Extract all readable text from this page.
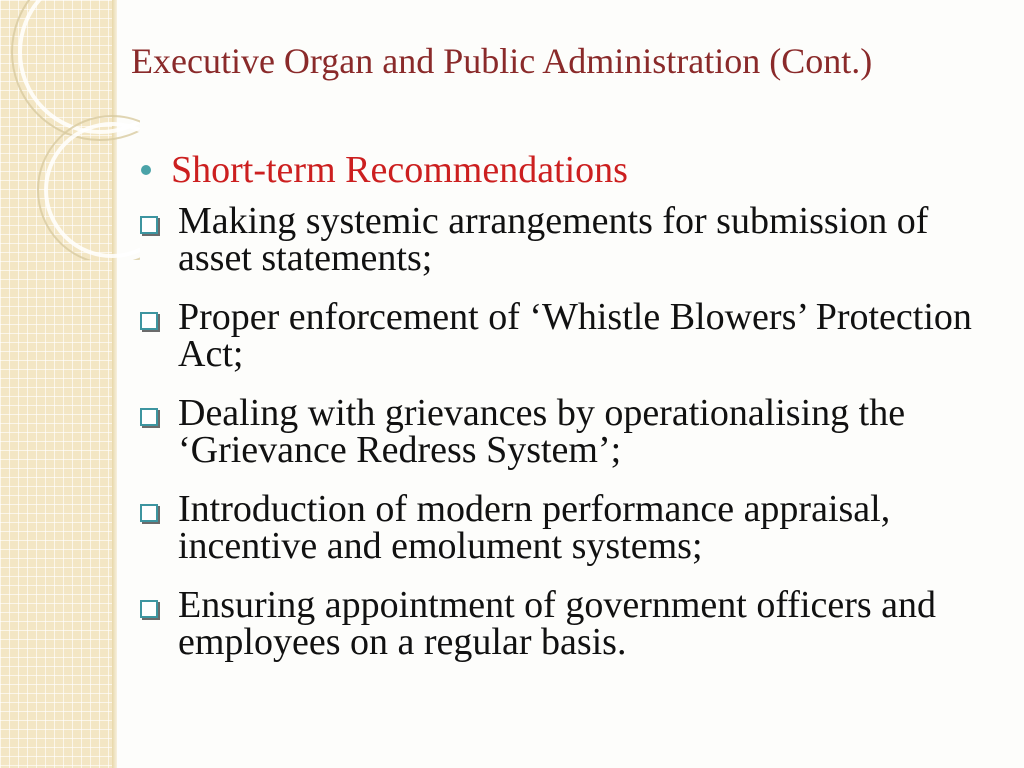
Executive Organ and Public Administration (Cont.)
Short-term Recommendations
Making systemic arrangements for submission of asset statements;
Proper enforcement of ‘Whistle Blowers’ Protection Act;
Dealing with grievances by operationalising the ‘Grievance Redress System’;
Introduction of modern performance appraisal, incentive and emolument systems;
Ensuring appointment of government officers and employees on a regular basis.
